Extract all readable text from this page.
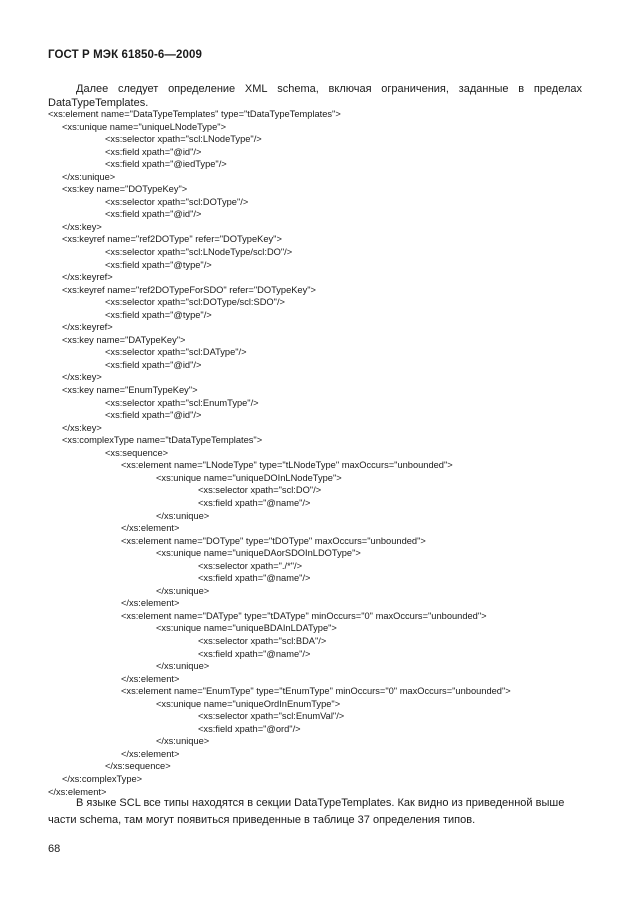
ГОСТ Р МЭК 61850-6—2009
Далее следует определение XML schema, включая ограничения, заданные в пределах
DataTypeTemplates.
<xs:element name="DataTypeTemplates" type="tDataTypeTemplates">
<xs:unique name="uniqueLNodeType">
<xs:selector xpath="scl:LNodeType"/>
<xs:field xpath="@id"/>
<xs:field xpath="@iedType"/>
</xs:unique>
<xs:key name="DOTypeKey">
<xs:selector xpath="scl:DOType"/>
<xs:field xpath="@id"/>
</xs:key>
<xs:keyref name="ref2DOType" refer="DOTypeKey">
<xs:selector xpath="scl:LNodeType/scl:DO"/>
<xs:field xpath="@type"/>
</xs:keyref>
<xs:keyref name="ref2DOTypeForSDO" refer="DOTypeKey">
<xs:selector xpath="scl:DOType/scl:SDO"/>
<xs:field xpath="@type"/>
</xs:keyref>
<xs:key name="DATypeKey">
<xs:selector xpath="scl:DAType"/>
<xs:field xpath="@id"/>
</xs:key>
<xs:key name="EnumTypeKey">
<xs:selector xpath="scl:EnumType"/>
<xs:field xpath="@id"/>
</xs:key>
<xs:complexType name="tDataTypeTemplates">
<xs:sequence>
<xs:element name="LNodeType" type="tLNodeType" maxOccurs="unbounded">
<xs:unique name="uniqueDOInLNodeType">
<xs:selector xpath="scl:DO"/>
<xs:field xpath="@name"/>
</xs:unique>
</xs:element>
<xs:element name="DOType" type="tDOType" maxOccurs="unbounded">
<xs:unique name="uniqueDAorSDOInLDOType">
<xs:selector xpath="./*"/>
<xs:field xpath="@name"/>
</xs:unique>
</xs:element>
<xs:element name="DAType" type="tDAType" minOccurs="0" maxOccurs="unbounded">
<xs:unique name="uniqueBDAInLDAType">
<xs:selector xpath="scl:BDA"/>
<xs:field xpath="@name"/>
</xs:unique>
</xs:element>
<xs:element name="EnumType" type="tEnumType" minOccurs="0" maxOccurs="unbounded">
<xs:unique name="uniqueOrdInEnumType">
<xs:selector xpath="scl:EnumVal"/>
<xs:field xpath="@ord"/>
</xs:unique>
</xs:element>
</xs:sequence>
</xs:complexType>
</xs:element>
В языке SCL все типы находятся в секции DataTypeTemplates. Как видно из приведенной выше части schema, там могут появиться приведенные в таблице 37 определения типов.
68
